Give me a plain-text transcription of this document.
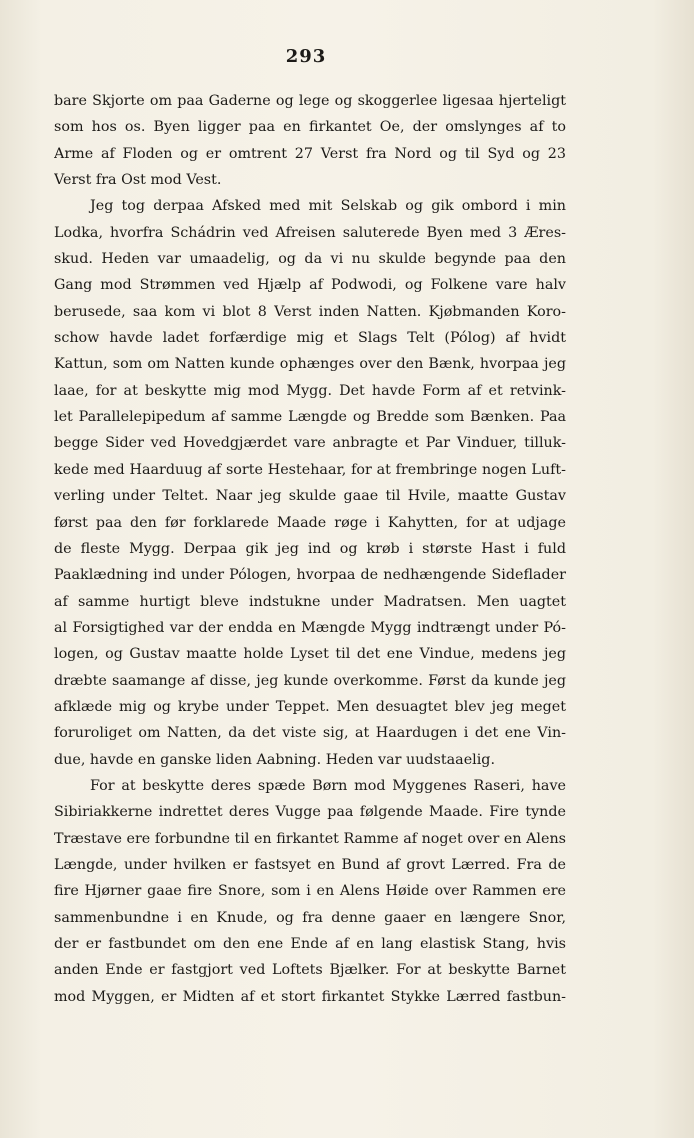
293
bare Skjorte om paa Gaderne og lege og skoggerlee ligesaa hjerteligt
som hos os. Byen ligger paa en firkantet Oe, der omslynges af to
Arme af Floden og er omtrent 27 Verst fra Nord og til Syd og 23
Verst fra Ost mod Vest.
Jeg tog derpaa Afsked med mit Selskab og gik ombord i min
Lodka, hvorfra Schádrin ved Afreisen saluterede Byen med 3 Æres-
skud. Heden var umaadelig, og da vi nu skulde begynde paa den
Gang mod Strømmen ved Hjælp af Podwodi, og Folkene vare halv
berusede, saa kom vi blot 8 Verst inden Natten. Kjøbmanden Koro-
schow havde ladet forfærdige mig et Slags Telt (Pólog) af hvidt
Kattun, som om Natten kunde ophænges over den Bænk, hvorpaa jeg
laae, for at beskytte mig mod Mygg. Det havde Form af et retvink-
let Parallelepipedum af samme Længde og Bredde som Bænken. Paa
begge Sider ved Hovedgjærdet vare anbragte et Par Vinduer, tilluk-
kede med Haarduug af sorte Hestehaar, for at frembringe nogen Luft-
verling under Teltet. Naar jeg skulde gaae til Hvile, maatte Gustav
først paa den før forklarede Maade røge i Kahytten, for at udjage
de fleste Mygg. Derpaa gik jeg ind og krøb i største Hast i fuld
Paaklædning ind under Pólogen, hvorpaa de nedhængende Sideflader
af samme hurtigt bleve indstukne under Madratsen. Men uagtet
al Forsigtighed var der endda en Mængde Mygg indtrængt under Pó-
logen, og Gustav maatte holde Lyset til det ene Vindue, medens jeg
dræbte saamange af disse, jeg kunde overkomme. Først da kunde jeg
afklæde mig og krybe under Teppet. Men desuagtet blev jeg meget
foruroliget om Natten, da det viste sig, at Haardugen i det ene Vin-
due, havde en ganske liden Aabning. Heden var uudstaaelig.
For at beskytte deres spæde Børn mod Myggenes Raseri, have
Sibiriakkerne indrettet deres Vugge paa følgende Maade. Fire tynde
Træstave ere forbundne til en firkantet Ramme af noget over en Alens
Længde, under hvilken er fastsyet en Bund af grovt Lærred. Fra de
fire Hjørner gaae fire Snore, som i en Alens Høide over Rammen ere
sammenbundne i en Knude, og fra denne gaaer en længere Snor,
der er fastbundet om den ene Ende af en lang elastisk Stang, hvis
anden Ende er fastgjort ved Loftets Bjælker. For at beskytte Barnet
mod Myggen, er Midten af et stort firkantet Stykke Lærred fastbun-
